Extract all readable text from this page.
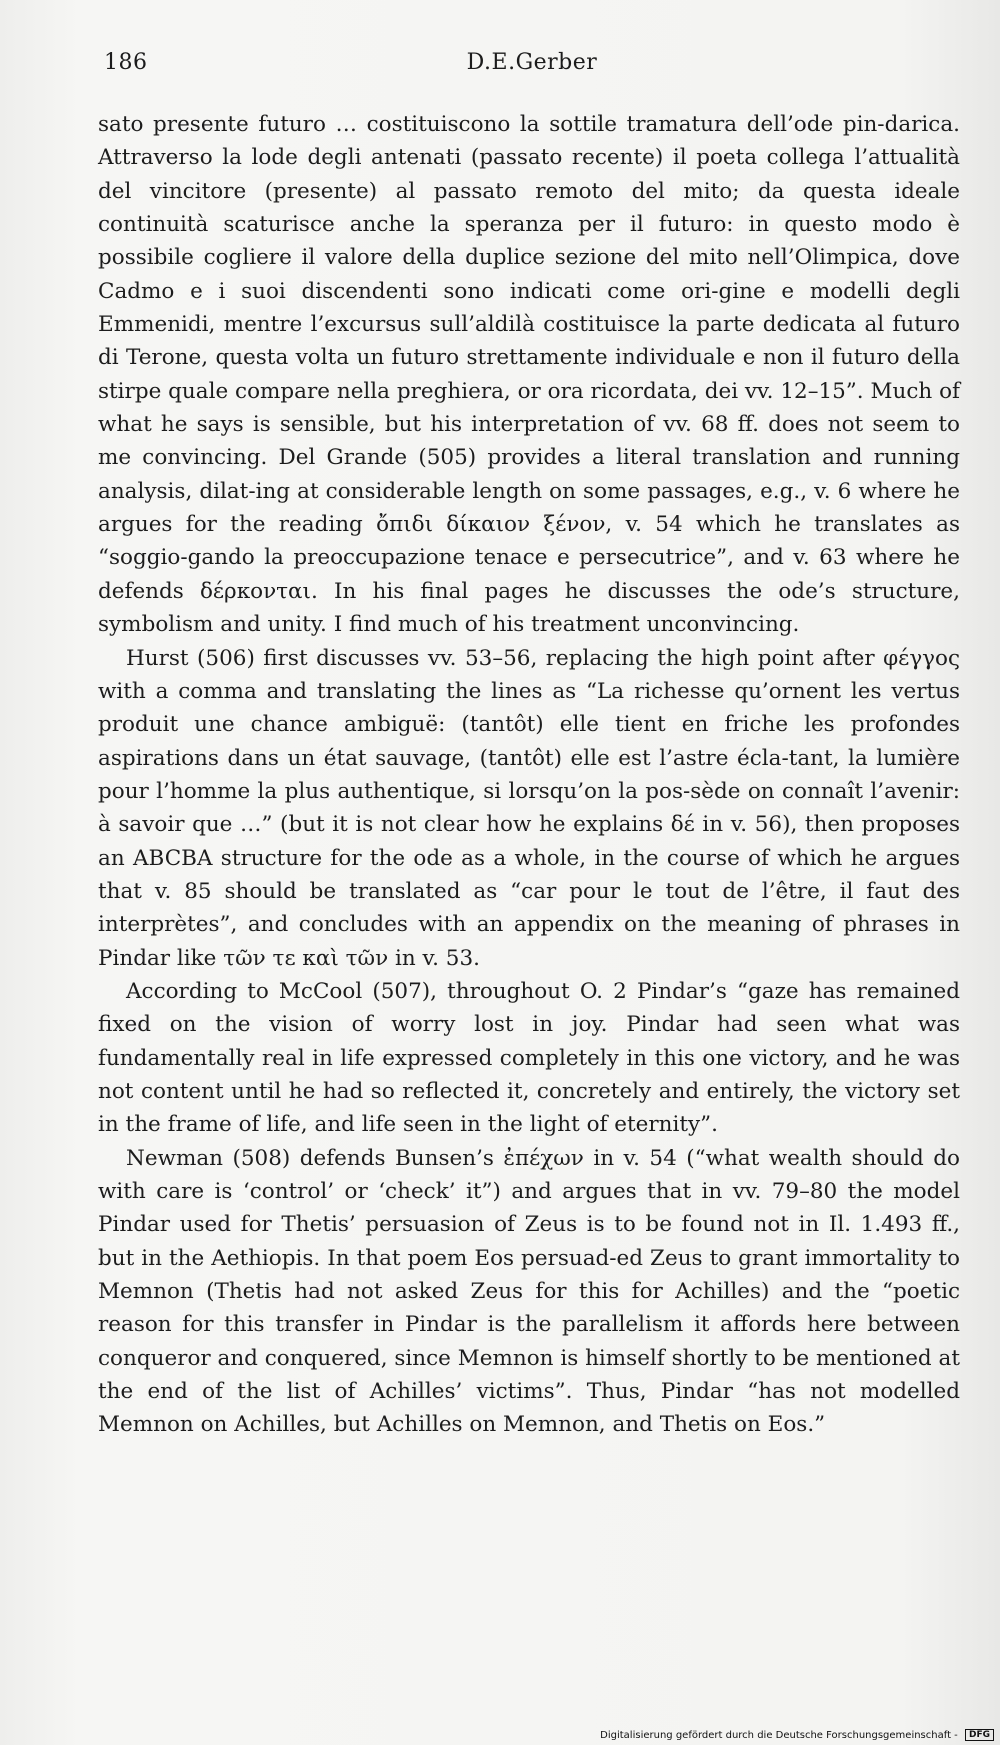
186	D.E.Gerber

sato presente futuro … costituiscono la sottile tramatura dell’ode pin-darica. Attraverso la lode degli antenati (passato recente) il poeta collega l’attualità del vincitore (presente) al passato remoto del mito; da questa ideale continuità scaturisce anche la speranza per il futuro: in questo modo è possibile cogliere il valore della duplice sezione del mito nell’Olimpica, dove Cadmo e i suoi discendenti sono indicati come ori-gine e modelli degli Emmenidi, mentre l’excursus sull’aldilà costituisce la parte dedicata al futuro di Terone, questa volta un futuro strettamente individuale e non il futuro della stirpe quale compare nella preghiera, or ora ricordata, dei vv. 12–15”. Much of what he says is sensible, but his interpretation of vv. 68 ff. does not seem to me convincing. Del Grande (505) provides a literal translation and running analysis, dilat-ing at considerable length on some passages, e.g., v. 6 where he argues for the reading ὄπιδι δίκαιον ξένον, v. 54 which he translates as “soggio-gando la preoccupazione tenace e persecutrice”, and v. 63 where he defends δέρκονται. In his final pages he discusses the ode’s structure, symbolism and unity. I find much of his treatment unconvincing.

Hurst (506) first discusses vv. 53–56, replacing the high point after φέγγος with a comma and translating the lines as “La richesse qu’ornent les vertus produit une chance ambiguë: (tantôt) elle tient en friche les profondes aspirations dans un état sauvage, (tantôt) elle est l’astre écla-tant, la lumière pour l’homme la plus authentique, si lorsqu’on la pos-sède on connaît l’avenir: à savoir que …” (but it is not clear how he explains δέ in v. 56), then proposes an ABCBA structure for the ode as a whole, in the course of which he argues that v. 85 should be translated as “car pour le tout de l’être, il faut des interprètes”, and concludes with an appendix on the meaning of phrases in Pindar like τῶν τε καὶ τῶν in v. 53.

According to McCool (507), throughout O. 2 Pindar’s “gaze has remained fixed on the vision of worry lost in joy. Pindar had seen what was fundamentally real in life expressed completely in this one victory, and he was not content until he had so reflected it, concretely and entirely, the victory set in the frame of life, and life seen in the light of eternity”.

Newman (508) defends Bunsen’s ἐπέχων in v. 54 (“what wealth should do with care is ‘control’ or ‘check’ it”) and argues that in vv. 79–80 the model Pindar used for Thetis’ persuasion of Zeus is to be found not in Il. 1.493 ff., but in the Aethiopis. In that poem Eos persuad-ed Zeus to grant immortality to Memnon (Thetis had not asked Zeus for this for Achilles) and the “poetic reason for this transfer in Pindar is the parallelism it affords here between conqueror and conquered, since Memnon is himself shortly to be mentioned at the end of the list of Achilles’ victims”. Thus, Pindar “has not modelled Memnon on Achilles, but Achilles on Memnon, and Thetis on Eos.”

Digitalisierung gefördert durch die Deutsche Forschungsgemeinschaft - DFG
